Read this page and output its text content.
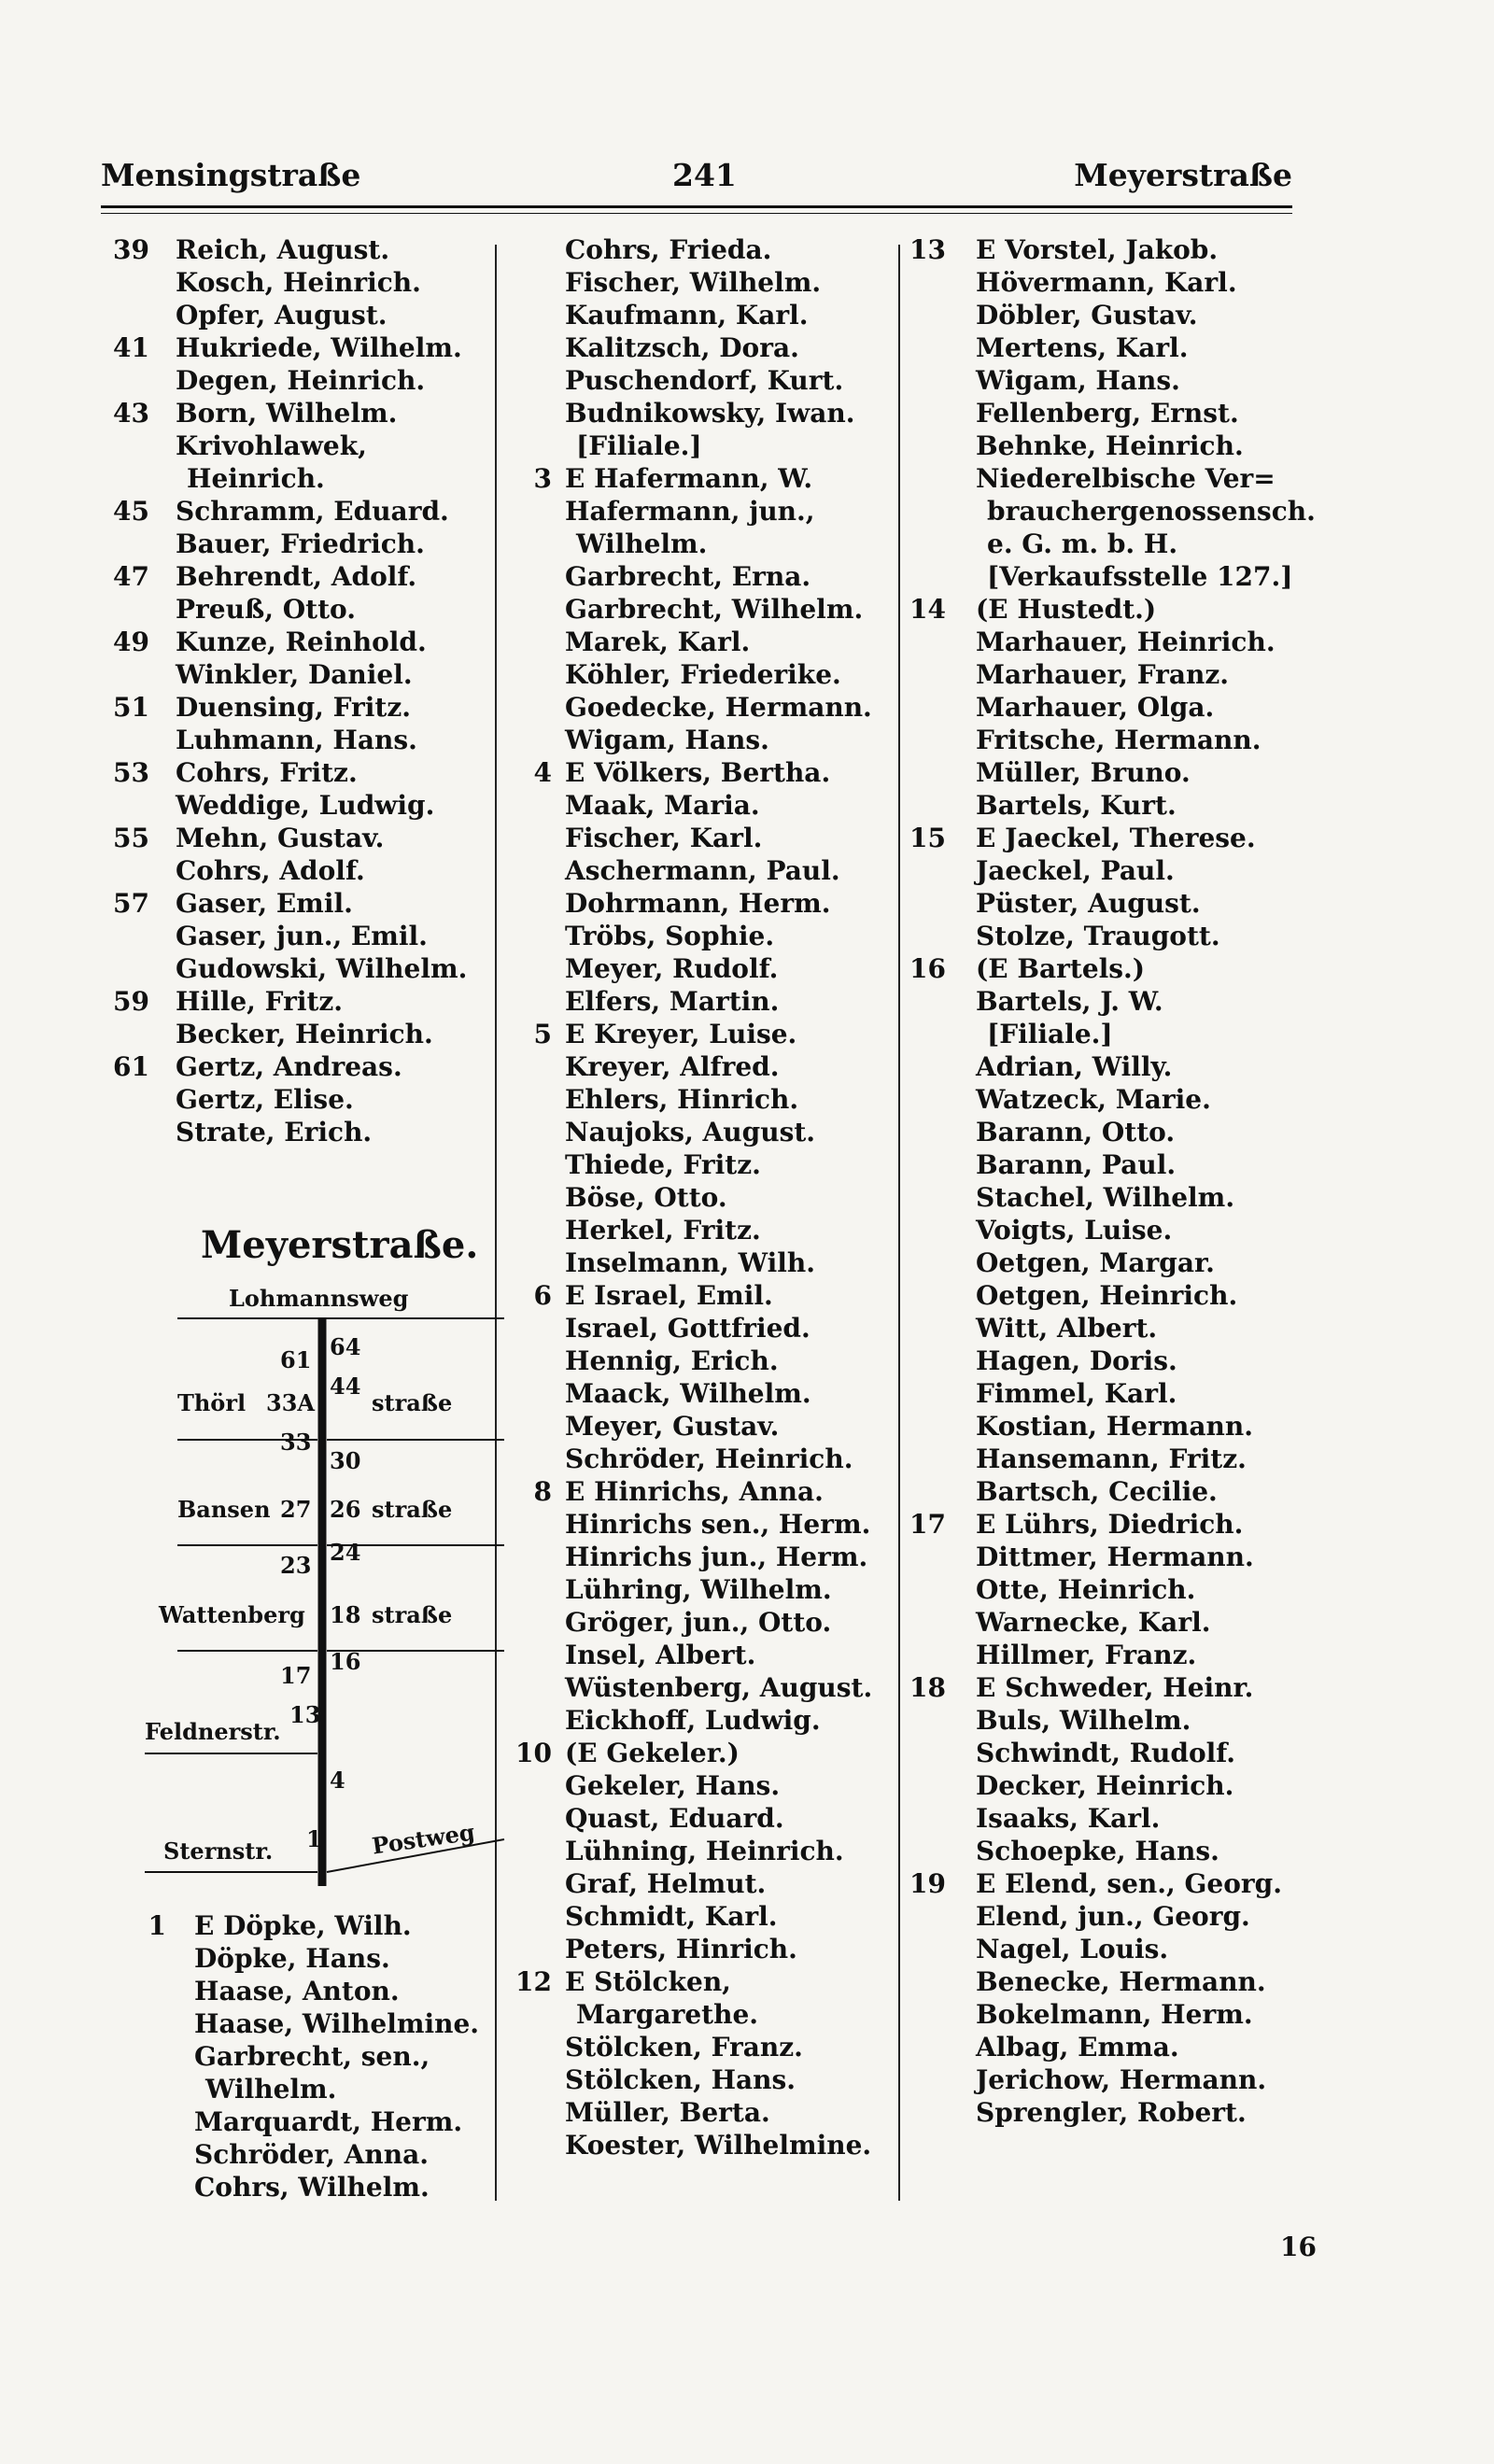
Mensingstraße	241	Meyerstraße
39 Reich, August.
Kosch, Heinrich.
Opfer, August.
41 Hukriede, Wilhelm.
Degen, Heinrich.
43 Born, Wilhelm.
Krivohlawek,
Heinrich.
45 Schramm, Eduard.
Bauer, Friedrich.
47 Behrendt, Adolf.
Preuß, Otto.
49 Kunze, Reinhold.
Winkler, Daniel.
51 Duensing, Fritz.
Luhmann, Hans.
53 Cohrs, Fritz.
Weddige, Ludwig.
55 Mehn, Gustav.
Cohrs, Adolf.
57 Gaser, Emil.
Gaser, jun., Emil.
Gudowski, Wilhelm.
59 Hille, Fritz.
Becker, Heinrich.
61 Gertz, Andreas.
Gertz, Elise.
Strate, Erich.
Meyerstraße.
Lohmannsweg
61 64
Thörl 33A
44
straße
33
30
Bansen 27 26 straße
23 24
Wattenberg 18 straße
17
16
Feldnerstr.
13
4
Sternstr. 1 Postweg
1 E Döpke, Wilh.
Döpke, Hans.
Haase, Anton.
Haase, Wilhelmine.
Garbrecht, sen.,
Wilhelm.
Marquardt, Herm.
Schröder, Anna.
Cohrs, Wilhelm.
Cohrs, Frieda.
Fischer, Wilhelm.
Kaufmann, Karl.
Kalitzsch, Dora.
Puschendorf, Kurt.
Budnikowsky, Iwan.
[Filiale.]
3 E Hafermann, W.
Hafermann, jun.,
Wilhelm.
Garbrecht, Erna.
Garbrecht, Wilhelm.
Marek, Karl.
Köhler, Friederike.
Goedecke, Hermann.
Wigam, Hans.
4 E Völkers, Bertha.
Maak, Maria.
Fischer, Karl.
Aschermann, Paul.
Dohrmann, Herm.
Tröbs, Sophie.
Meyer, Rudolf.
Elfers, Martin.
5 E Kreyer, Luise.
Kreyer, Alfred.
Ehlers, Hinrich.
Naujoks, August.
Thiede, Fritz.
Böse, Otto.
Herkel, Fritz.
Inselmann, Wilh.
6 E Israel, Emil.
Israel, Gottfried.
Hennig, Erich.
Maack, Wilhelm.
Meyer, Gustav.
Schröder, Heinrich.
8 E Hinrichs, Anna.
Hinrichs sen., Herm.
Hinrichs jun., Herm.
Lühring, Wilhelm.
Gröger, jun., Otto.
Insel, Albert.
Wüstenberg, August.
Eickhoff, Ludwig.
10 (E Gekeler.)
Gekeler, Hans.
Quast, Eduard.
Lühning, Heinrich.
Graf, Helmut.
Schmidt, Karl.
Peters, Hinrich.
12 E Stölcken,
Margarethe.
Stölcken, Franz.
Stölcken, Hans.
Müller, Berta.
Koester, Wilhelmine.
13 E Vorstel, Jakob.
Hövermann, Karl.
Döbler, Gustav.
Mertens, Karl.
Wigam, Hans.
Fellenberg, Ernst.
Behnke, Heinrich.
Niederelbische Ver=
brauchergenossensch.
e. G. m. b. H.
[Verkaufsstelle 127.]
14 (E Hustedt.)
Marhauer, Heinrich.
Marhauer, Franz.
Marhauer, Olga.
Fritsche, Hermann.
Müller, Bruno.
Bartels, Kurt.
15 E Jaeckel, Therese.
Jaeckel, Paul.
Püster, August.
Stolze, Traugott.
16 (E Bartels.)
Bartels, J. W.
[Filiale.]
Adrian, Willy.
Watzeck, Marie.
Barann, Otto.
Barann, Paul.
Stachel, Wilhelm.
Voigts, Luise.
Oetgen, Margar.
Oetgen, Heinrich.
Witt, Albert.
Hagen, Doris.
Fimmel, Karl.
Kostian, Hermann.
Hansemann, Fritz.
Bartsch, Cecilie.
17 E Lührs, Diedrich.
Dittmer, Hermann.
Otte, Heinrich.
Warnecke, Karl.
Hillmer, Franz.
18 E Schweder, Heinr.
Buls, Wilhelm.
Schwindt, Rudolf.
Decker, Heinrich.
Isaaks, Karl.
Schoepke, Hans.
19 E Elend, sen., Georg.
Elend, jun., Georg.
Nagel, Louis.
Benecke, Hermann.
Bokelmann, Herm.
Albag, Emma.
Jerichow, Hermann.
Sprengler, Robert.
16
